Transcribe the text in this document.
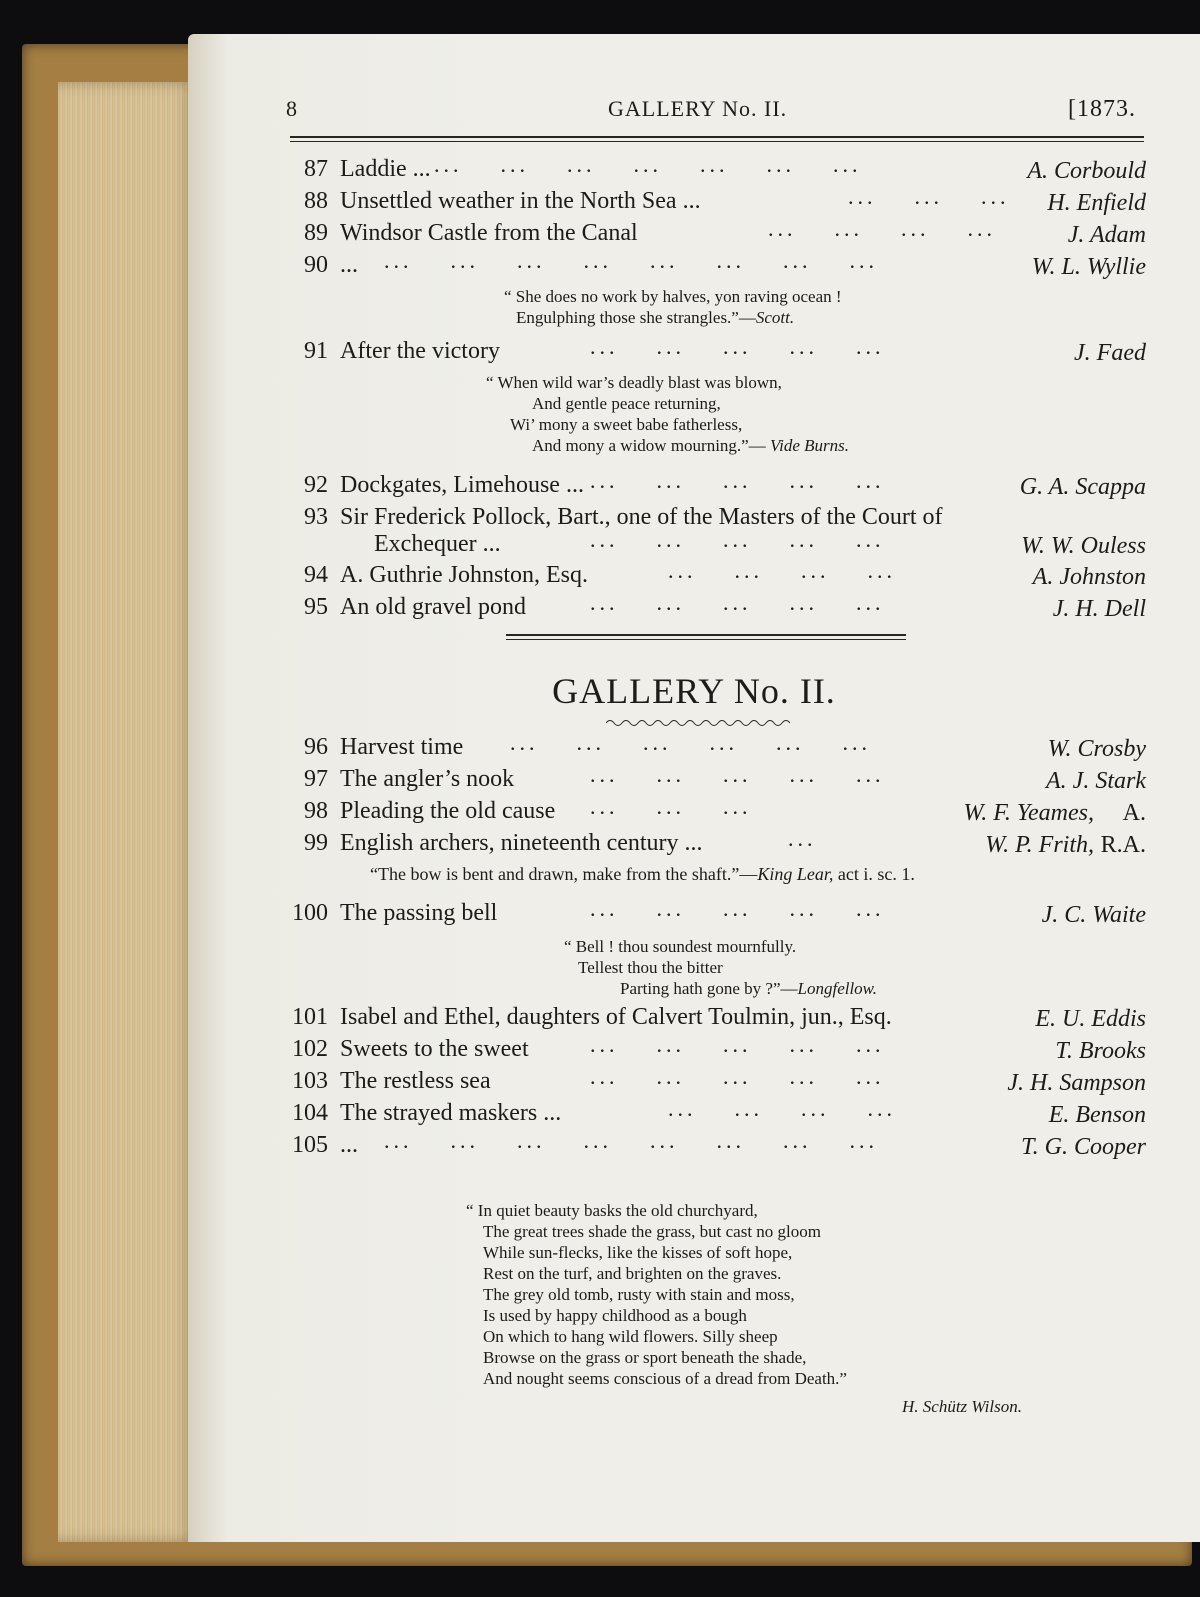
8	GALLERY No. II.	[1873.
87 Laddie ... ...    ...    ...    ...    ...    ...    ...	A. Corbould
88 Unsettled weather in the North Sea ...	...    ...    ... H. Enfield
89 Windsor Castle from the Canal	...    ...    ...    ...	J. Adam
90 ... ...    ...    ...    ...    ...    ...    ...    ...	W. L. Wyllie
“ She does no work by halves, yon raving ocean !
Engulphing those she strangles.”—Scott.
91 After the victory	...    ...    ...    ...    ...	J. Faed
“ When wild war’s deadly blast was blown,
And gentle peace returning,
Wi’ mony a sweet babe fatherless,
And mony a widow mourning.”— Vide Burns.
92 Dockgates, Limehouse ... ...    ...    ...    ...    ...	G. A. Scappa
93 Sir Frederick Pollock, Bart., one of the Masters of the Court of
Exchequer ...	...    ...    ...    ...    ...	W. W. Ouless
94 A. Guthrie Johnston, Esq.	...    ...    ...    ...	A. Johnston
95 An old gravel pond	...    ...    ...    ...    ...	J. H. Dell
GALLERY No. II.
96 Harvest time ...    ...    ...    ...    ...    ...	W. Crosby
97 The angler’s nook	...    ...    ...    ...    ...	A. J. Stark
98 Pleading the old cause ...    ...    ...	W. F. Yeames, A.
99 English archers, nineteenth century ...	...	W. P. Frith, R.A.
“The bow is bent and drawn, make from the shaft.”—King Lear, act i. sc. 1.
100 The passing bell	...    ...    ...    ...    ...	J. C. Waite
“ Bell ! thou soundest mournfully.
Tellest thou the bitter
Parting hath gone by ?”—Longfellow.
101 Isabel and Ethel, daughters of Calvert Toulmin, jun., Esq.	E. U. Eddis
102 Sweets to the sweet	...    ...    ...    ...    ...	T. Brooks
103 The restless sea	...    ...    ...    ...    ...	J. H. Sampson
104 The strayed maskers ...	...    ...    ...    ...	E. Benson
105 ... ...    ...    ...    ...    ...    ...    ...    ...	T. G. Cooper
“ In quiet beauty basks the old churchyard,
The great trees shade the grass, but cast no gloom
While sun-flecks, like the kisses of soft hope,
Rest on the turf, and brighten on the graves.
The grey old tomb, rusty with stain and moss,
Is used by happy childhood as a bough
On which to hang wild flowers. Silly sheep
Browse on the grass or sport beneath the shade,
And nought seems conscious of a dread from Death.”
H. Schütz Wilson.
